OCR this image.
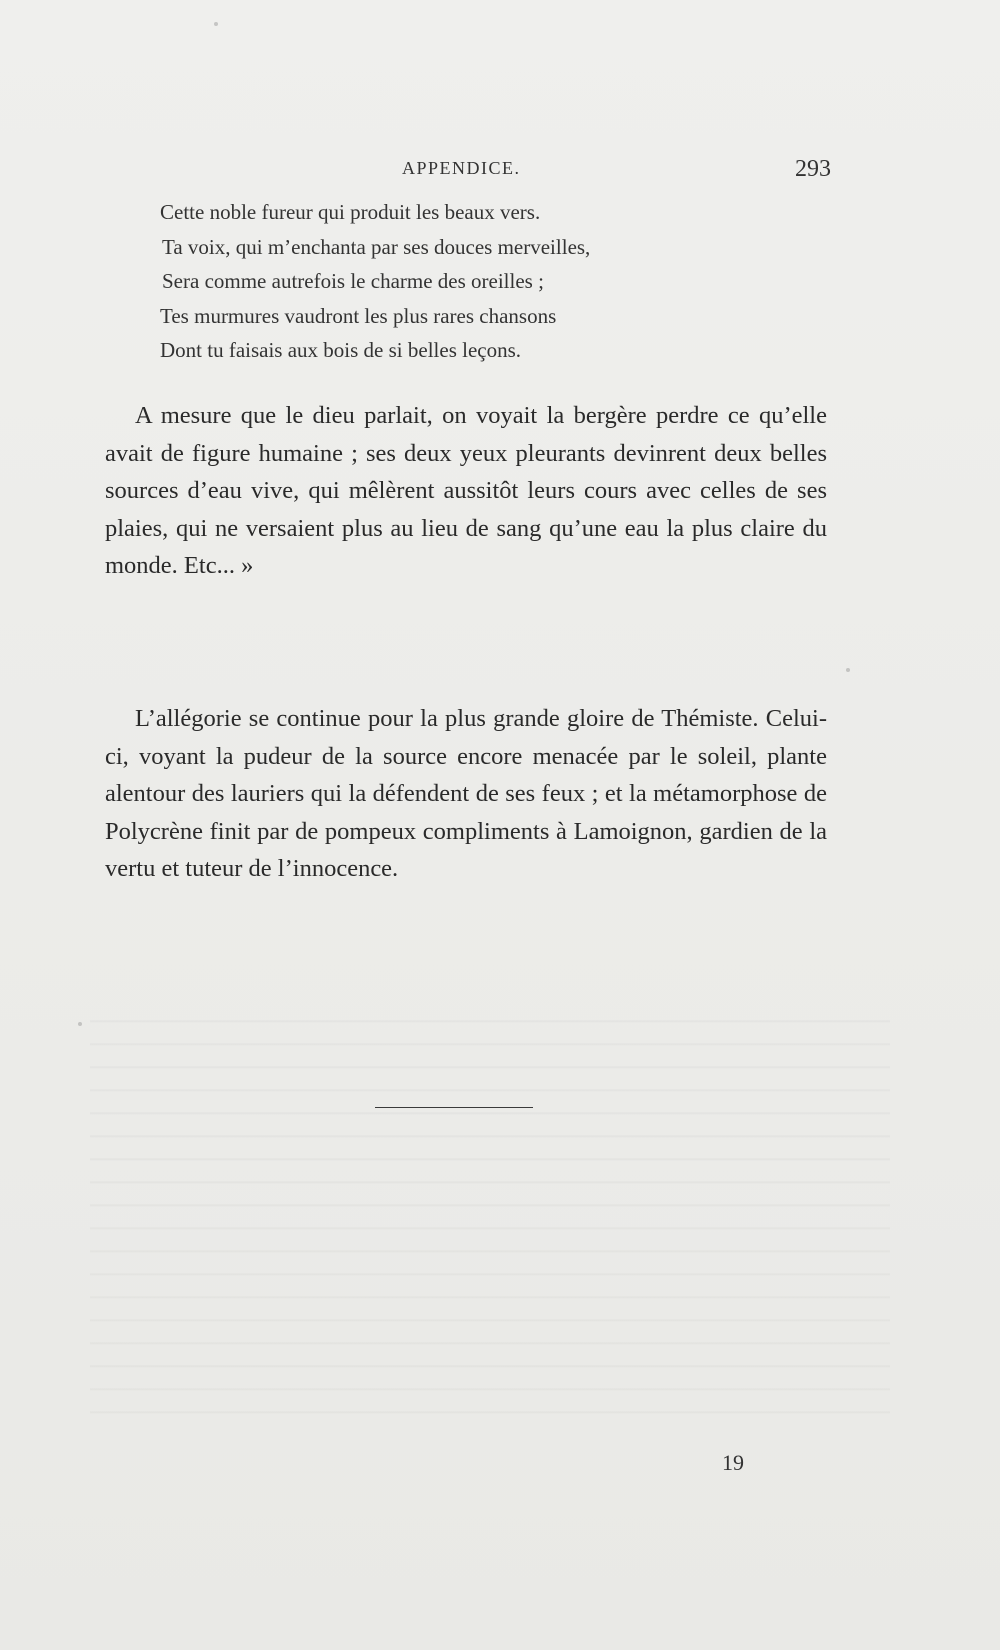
APPENDICE.	293
Cette noble fureur qui produit les beaux vers.
Ta voix, qui m’enchanta par ses douces merveilles,
Sera comme autrefois le charme des oreilles ;
Tes murmures vaudront les plus rares chansons
Dont tu faisais aux bois de si belles leçons.

A mesure que le dieu parlait, on voyait la bergère perdre ce qu’elle avait de figure humaine ; ses deux yeux pleurants devinrent deux belles sources d’eau vive, qui mêlèrent aussitôt leurs cours avec celles de ses plaies, qui ne versaient plus au lieu de sang qu’une eau la plus claire du monde. Etc... »

L’allégorie se continue pour la plus grande gloire de Thémiste. Celui-ci, voyant la pudeur de la source encore menacée par le soleil, plante alentour des lauriers qui la défendent de ses feux ; et la métamorphose de Polycrène finit par de pompeux compliments à Lamoignon, gardien de la vertu et tuteur de l’innocence.

19
